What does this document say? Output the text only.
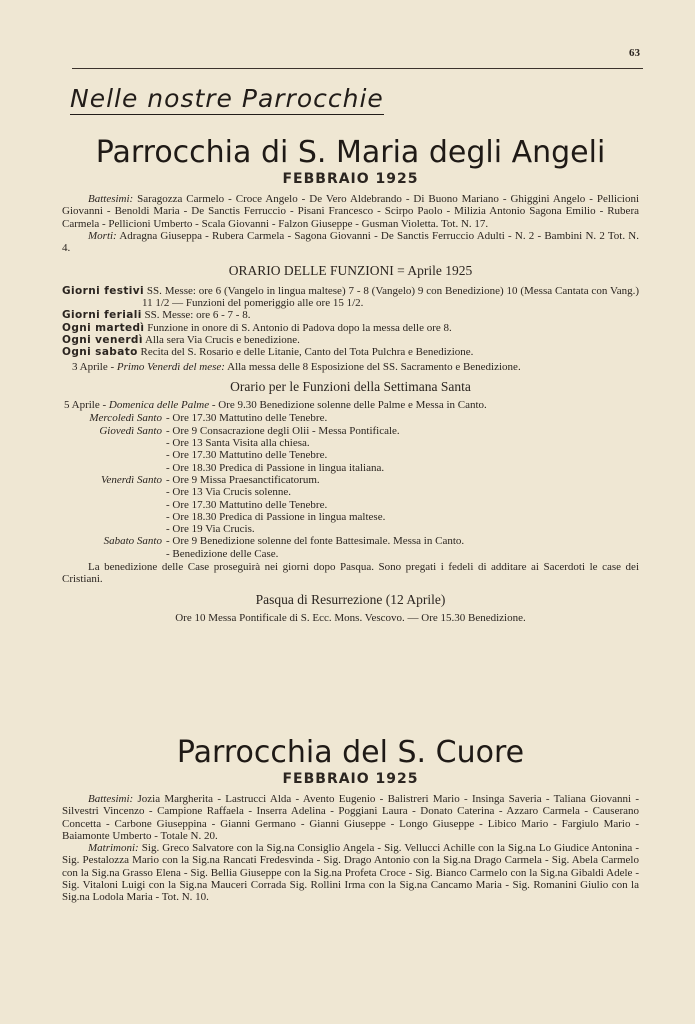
63
Nelle nostre Parrocchie
Parrocchia di S. Maria degli Angeli
FEBBRAIO 1925

Battesimi: Saragozza Carmelo - Croce Angelo - De Vero Aldebrando - Di Buono Mariano - Ghiggini Angelo - Pellicioni Giovanni - Benoldi Maria - De Sanctis Ferruccio - Pisani Francesco - Scirpo Paolo - Milizia Antonio Sagona Emilio - Rubera Carmela - Pellicioni Umberto - Scala Giovanni - Falzon Giuseppe - Gusman Violetta. Tot. N. 17.

Morti: Adragna Giuseppa - Rubera Carmela - Sagona Giovanni - De Sanctis Ferruccio Adulti - N. 2 - Bambini N. 2 Tot. N. 4.

ORARIO DELLE FUNZIONI = Aprile 1925

Giorni festivi SS. Messe: ore 6 (Vangelo in lingua maltese) 7 - 8 (Vangelo) 9 con Benedizione) 10 (Messa Cantata con Vang.) 11 1/2 — Funzioni del pomeriggio alle ore 15 1/2.

Giorni feriali SS. Messe: ore 6 - 7 - 8.

Ogni martedì Funzione in onore di S. Antonio di Padova dopo la messa delle ore 8.

Ogni venerdì Alla sera Via Crucis e benedizione.

Ogni sabato Recita del S. Rosario e delle Litanie, Canto del Tota Pulchra e Benedizione.

3 Aprile - Primo Venerdì del mese: Alla messa delle 8 Esposizione del SS. Sacramento e Benedizione.

Orario per le Funzioni della Settimana Santa

5 Aprile - Domenica delle Palme - Ore 9.30 Benedizione solenne delle Palme e Messa in Canto.

Mercoledì Santo - Ore 17.30 Mattutino delle Tenebre.
Giovedì Santo - Ore 9 Consacrazione degli Olii - Messa Pontificale.
- Ore 13 Santa Visita alla chiesa.
- Ore 17.30 Mattutino delle Tenebre.
- Ore 18.30 Predica di Passione in lingua italiana.
Venerdì Santo - Ore 9 Missa Praesanctificatorum.
- Ore 13 Via Crucis solenne.
- Ore 17.30 Mattutino delle Tenebre.
- Ore 18.30 Predica di Passione in lingua maltese.
- Ore 19 Via Crucis.
Sabato Santo - Ore 9 Benedizione solenne del fonte Battesimale. Messa in Canto.
- Benedizione delle Case.

La benedizione delle Case proseguirà nei giorni dopo Pasqua. Sono pregati i fedeli di additare ai Sacerdoti le case dei Cristiani.

Pasqua di Resurrezione (12 Aprile)

Ore 10 Messa Pontificale di S. Ecc. Mons. Vescovo. — Ore 15.30 Benedizione.

Parrocchia del S. Cuore
FEBBRAIO 1925

Battesimi: Jozia Margherita - Lastrucci Alda - Avento Eugenio - Balistreri Mario - Insinga Saveria - Taliana Giovanni - Silvestri Vincenzo - Campione Raffaela - Inserra Adelina - Poggiani Laura - Donato Caterina - Azzaro Carmela - Causerano Concetta - Carbone Giuseppina - Gianni Germano - Gianni Giuseppe - Longo Giuseppe - Libico Mario - Fargiulo Mario - Baiamonte Umberto - Totale N. 20.

Matrimoni: Sig. Greco Salvatore con la Sig.na Consiglio Angela - Sig. Vellucci Achille con la Sig.na Lo Giudice Antonina - Sig. Pestalozza Mario con la Sig.na Rancati Fredesvinda - Sig. Drago Antonio con la Sig.na Drago Carmela - Sig. Abela Carmelo con la Sig.na Grasso Elena - Sig. Bellia Giuseppe con la Sig.na Profeta Croce - Sig. Bianco Carmelo con la Sig.na Gibaldi Adele - Sig. Vitaloni Luigi con la Sig.na Mauceri Corrada Sig. Rollini Irma con la Sig.na Cancamo Maria - Sig. Romanini Giulio con la Sig.na Lodola Maria - Tot. N. 10.
